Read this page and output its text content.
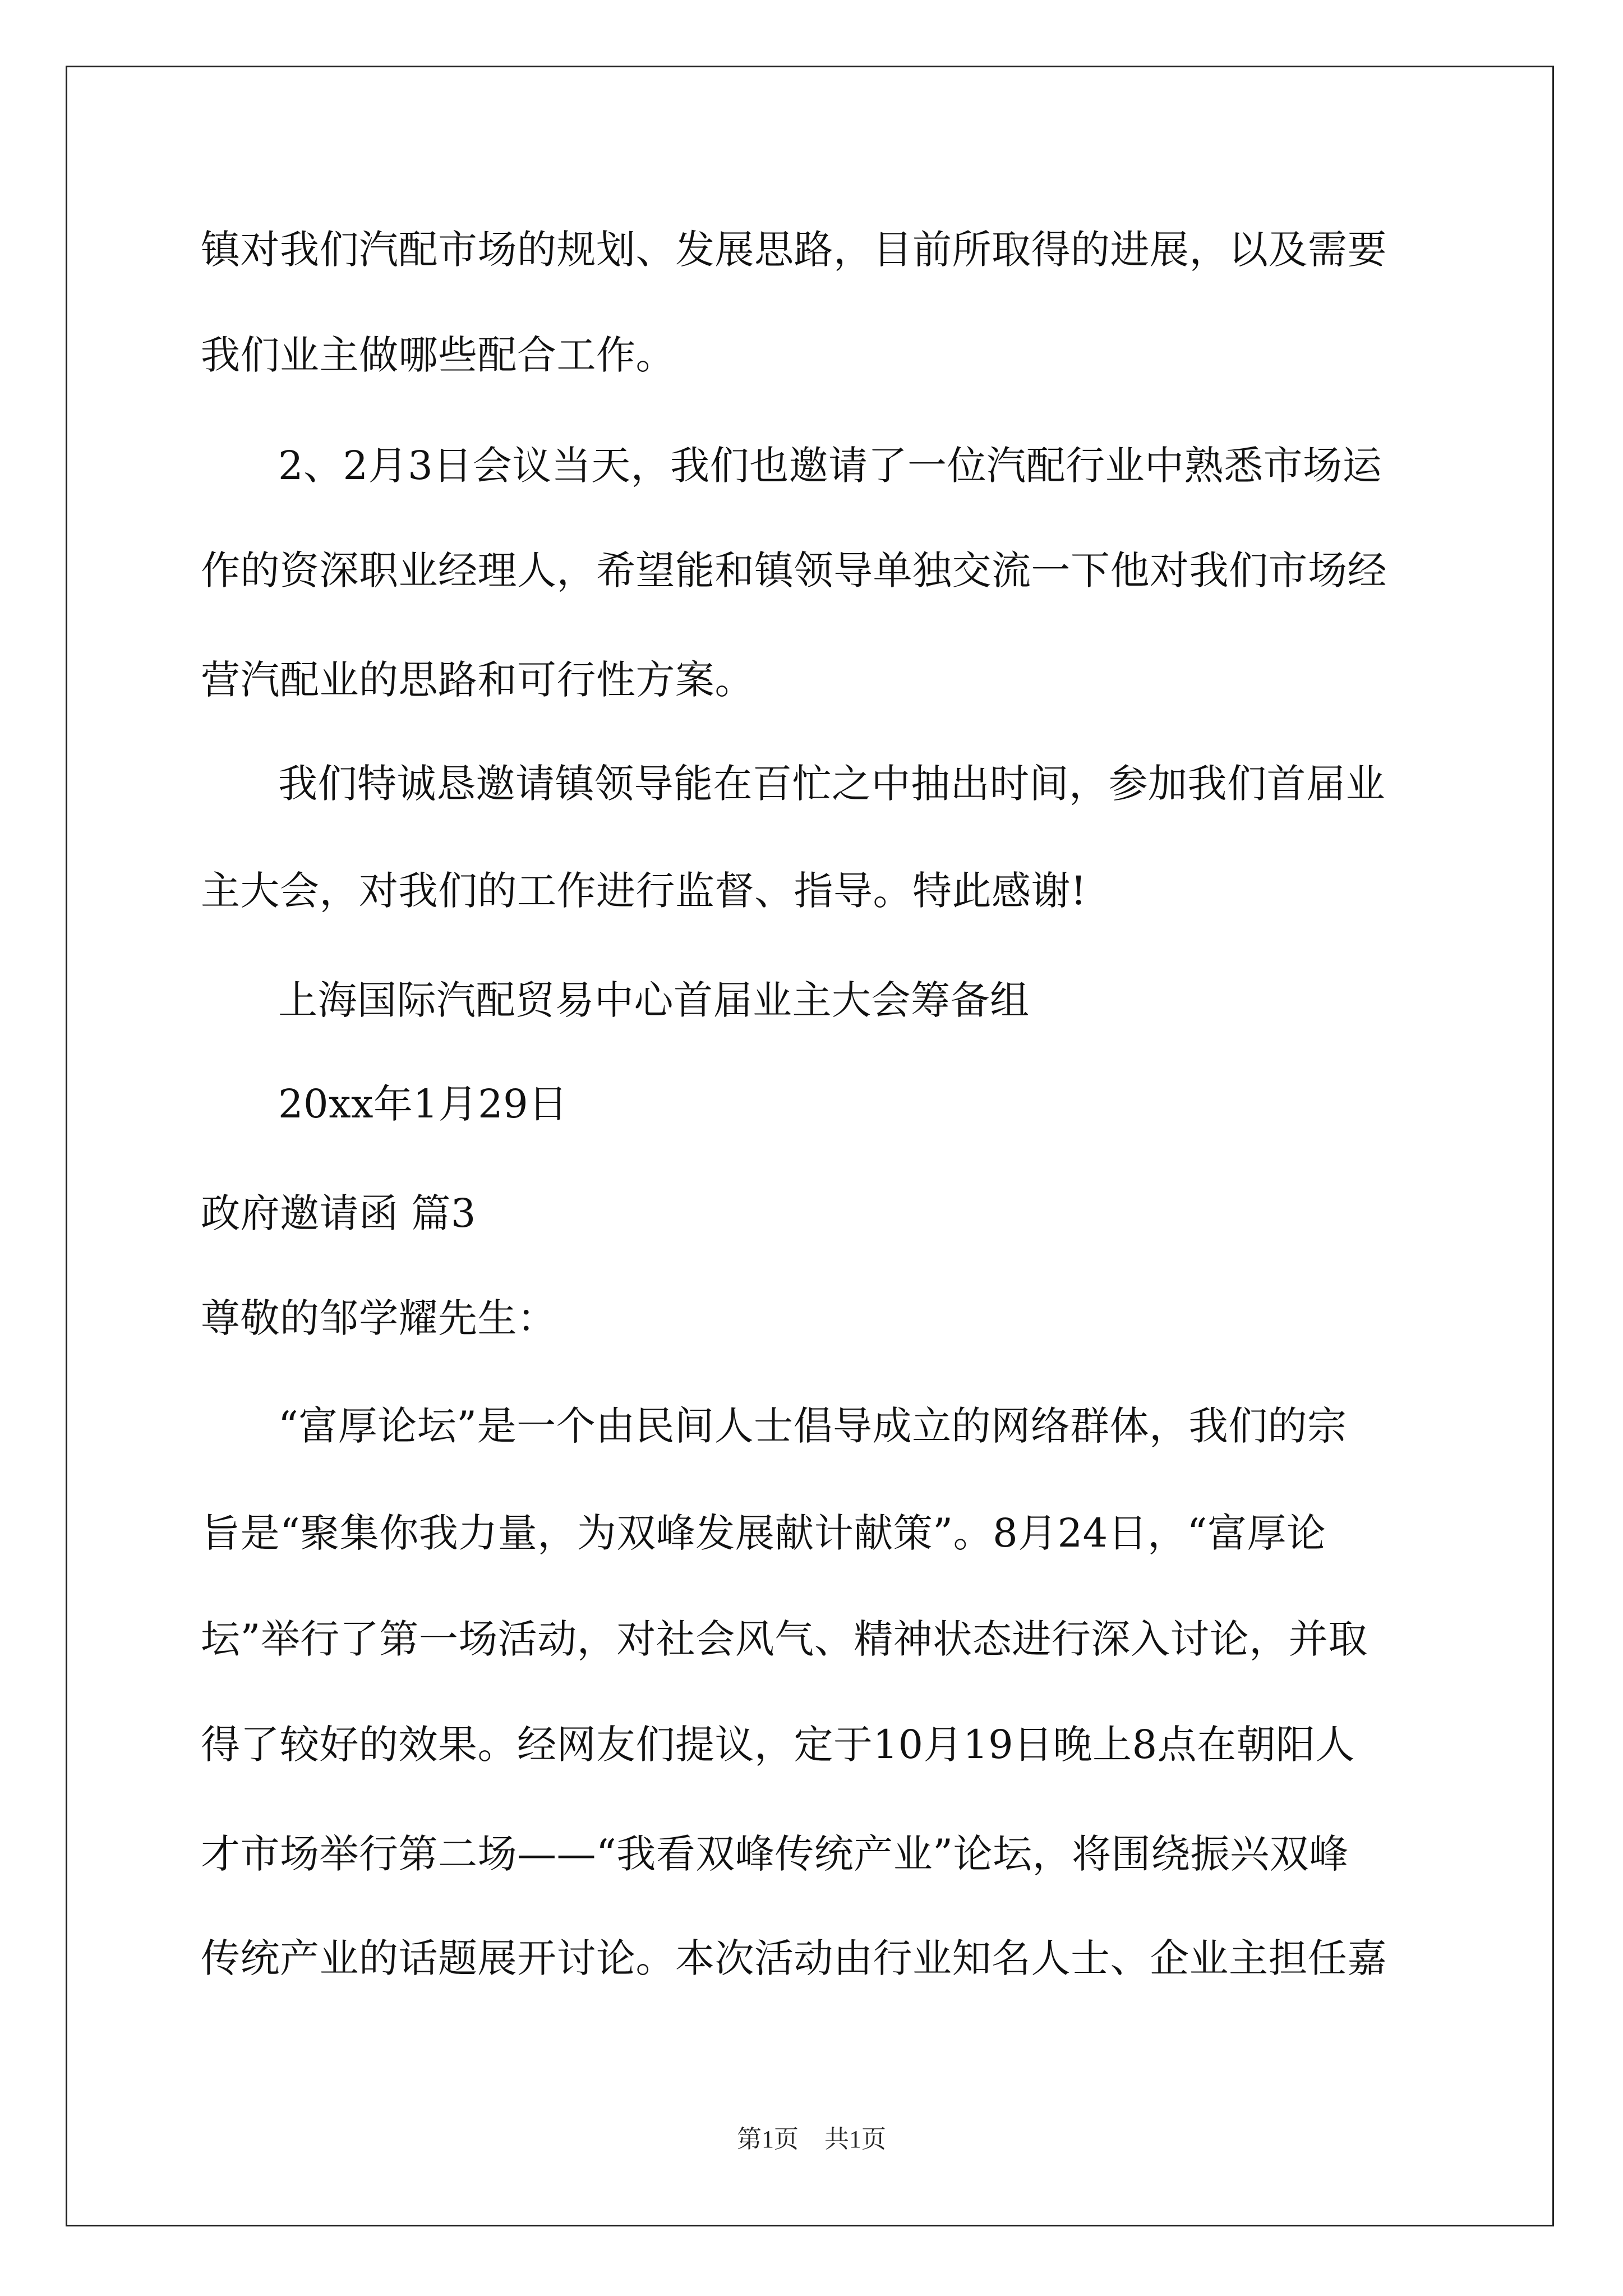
镇对我们汽配市场的规划、发展思路，目前所取得的进展，以及需要
我们业主做哪些配合工作。
2、2月3日会议当天，我们也邀请了一位汽配行业中熟悉市场运
作的资深职业经理人，希望能和镇领导单独交流一下他对我们市场经
营汽配业的思路和可行性方案。
我们特诚恳邀请镇领导能在百忙之中抽出时间，参加我们首届业
主大会，对我们的工作进行监督、指导。特此感谢!
上海国际汽配贸易中心首届业主大会筹备组
20xx年1月29日
政府邀请函 篇3
尊敬的邹学耀先生：
“富厚论坛”是一个由民间人士倡导成立的网络群体，我们的宗
旨是“聚集你我力量，为双峰发展献计献策”。8月24日，“富厚论
坛”举行了第一场活动，对社会风气、精神状态进行深入讨论，并取
得了较好的效果。经网友们提议，定于10月19日晚上8点在朝阳人
才市场举行第二场——“我看双峰传统产业”论坛，将围绕振兴双峰
传统产业的话题展开讨论。本次活动由行业知名人士、企业主担任嘉
第1页 共1页
